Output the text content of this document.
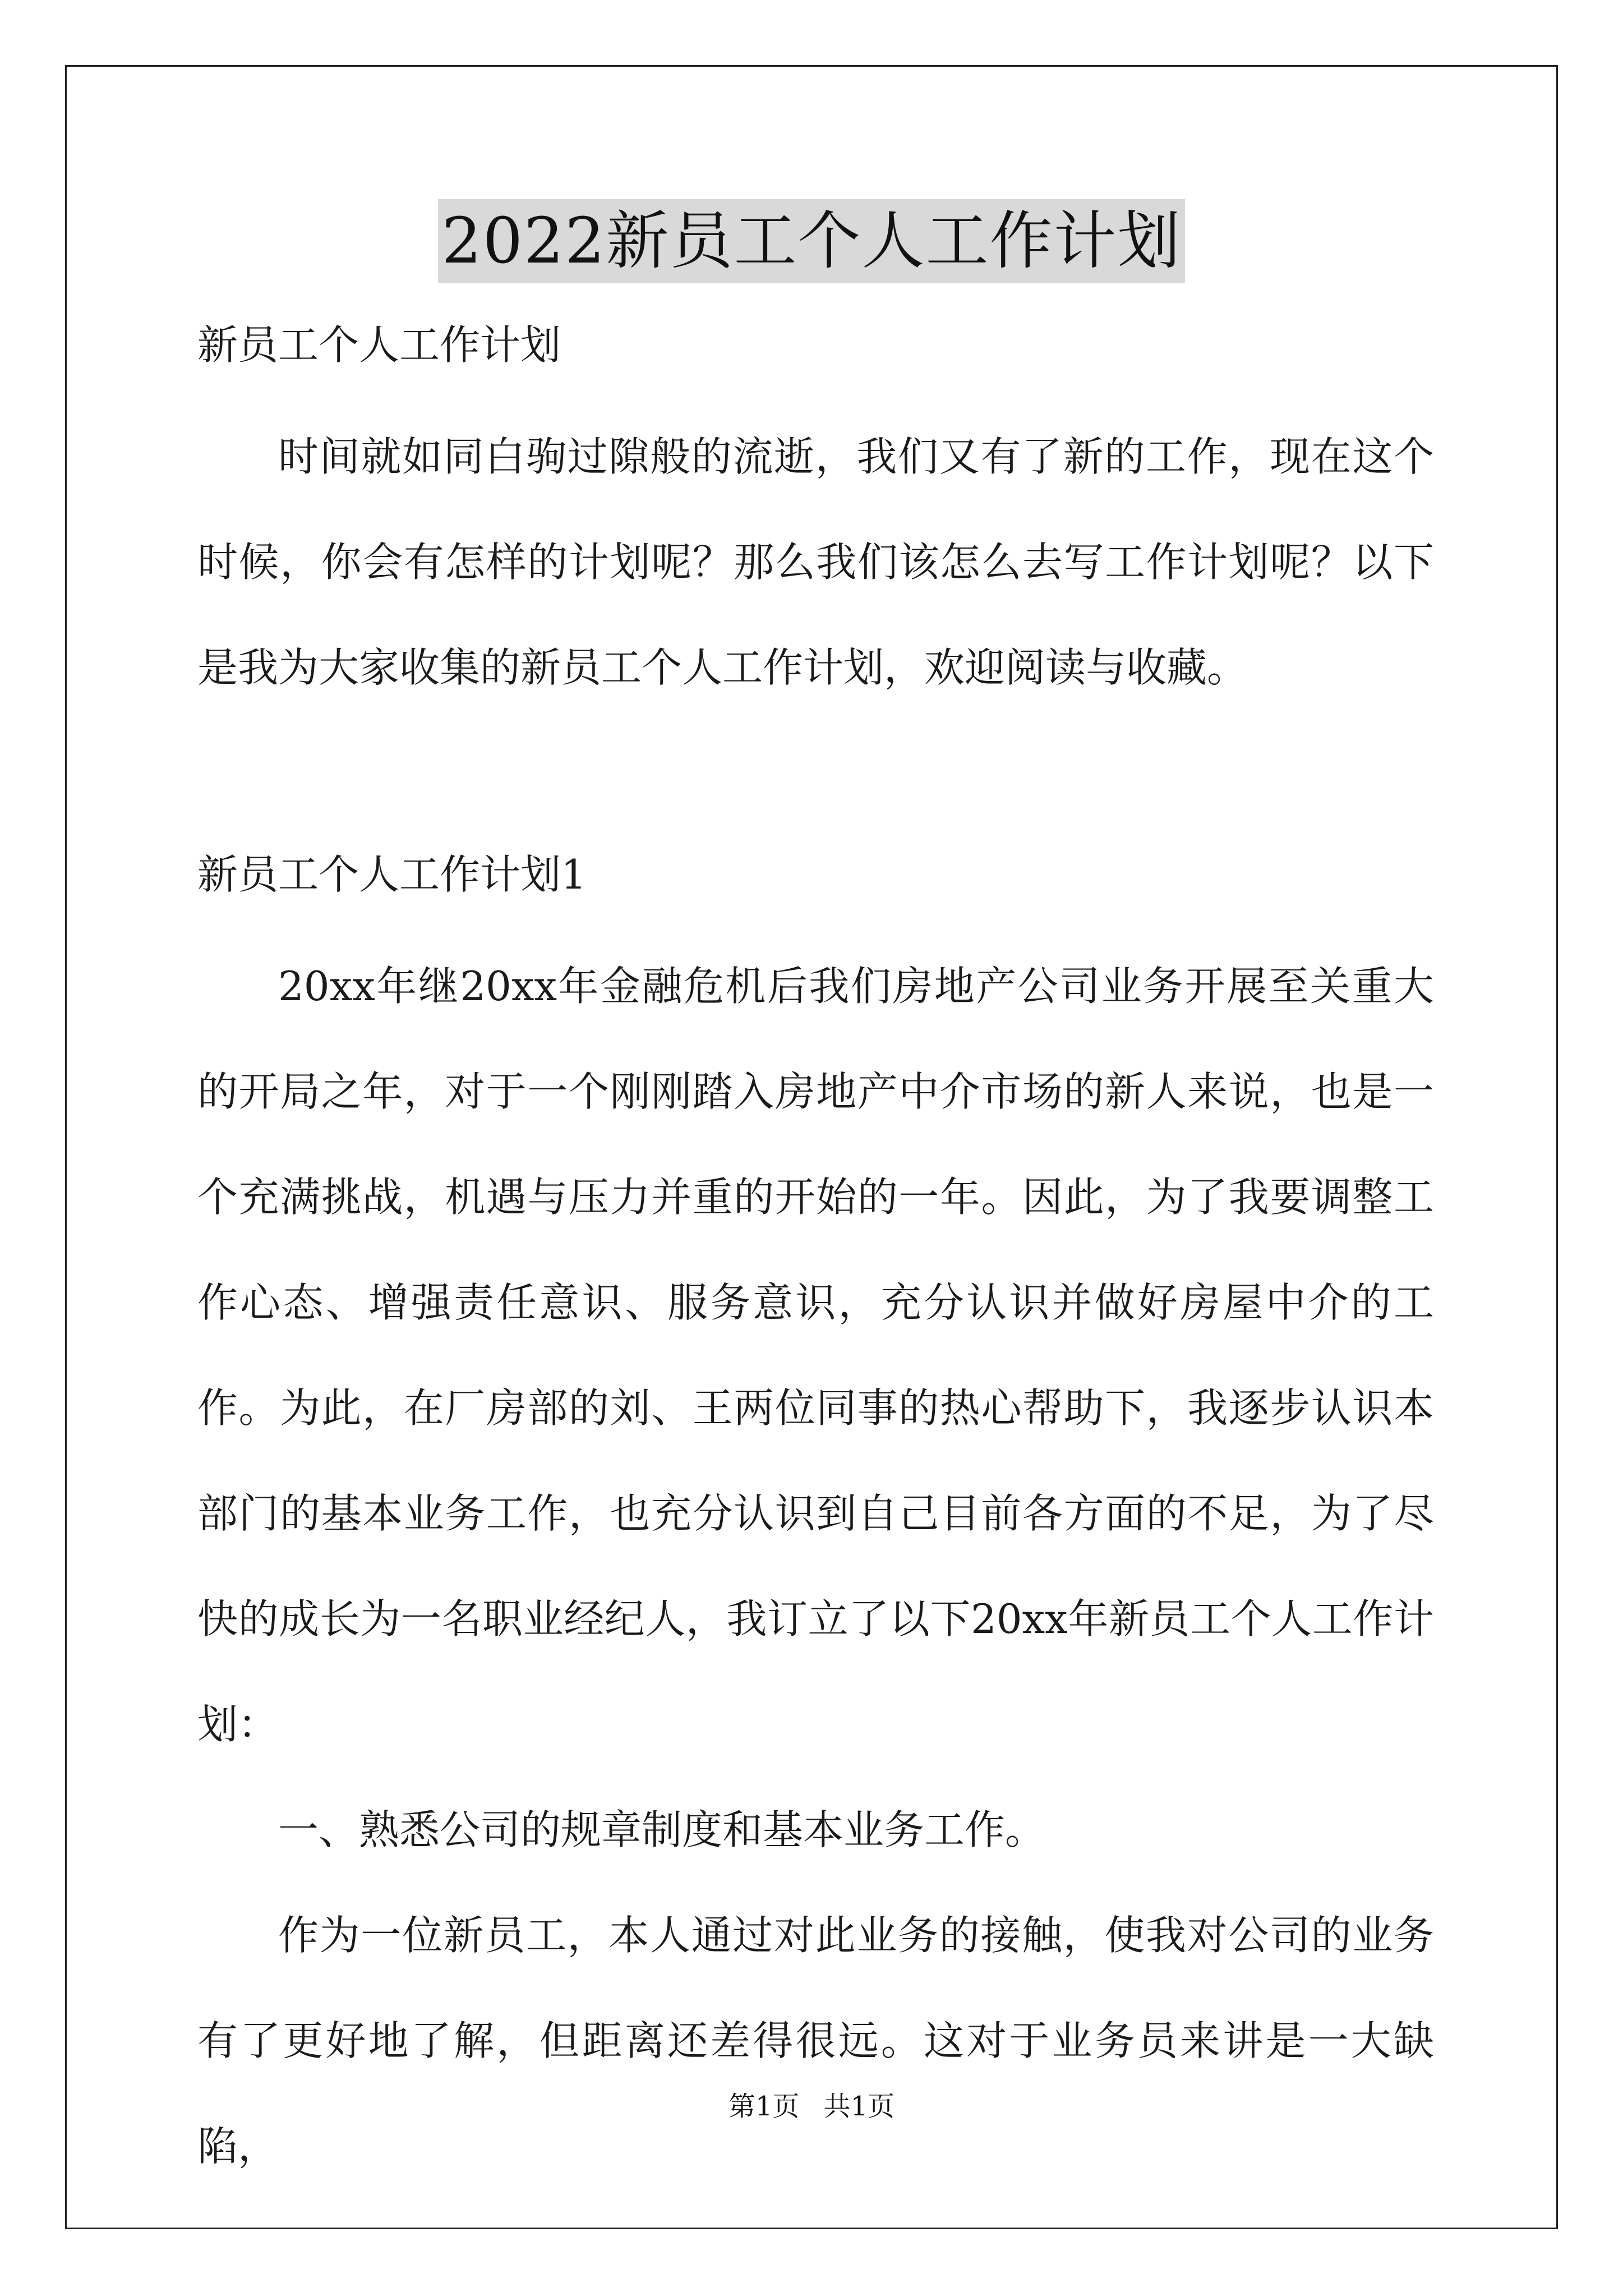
2022新员工个人工作计划

新员工个人工作计划

时间就如同白驹过隙般的流逝，我们又有了新的工作，现在这个时候，你会有怎样的计划呢？那么我们该怎么去写工作计划呢？以下是我为大家收集的新员工个人工作计划，欢迎阅读与收藏。

新员工个人工作计划1

20xx年继20xx年金融危机后我们房地产公司业务开展至关重大的开局之年，对于一个刚刚踏入房地产中介市场的新人来说，也是一个充满挑战，机遇与压力并重的开始的一年。因此，为了我要调整工作心态、增强责任意识、服务意识，充分认识并做好房屋中介的工作。为此，在厂房部的刘、王两位同事的热心帮助下，我逐步认识本部门的基本业务工作，也充分认识到自己目前各方面的不足，为了尽快的成长为一名职业经纪人，我订立了以下20xx年新员工个人工作计划：

一、熟悉公司的规章制度和基本业务工作。

作为一位新员工，本人通过对此业务的接触，使我对公司的业务有了更好地了解，但距离还差得很远。这对于业务员来讲是一大缺陷，

第1页 共1页
